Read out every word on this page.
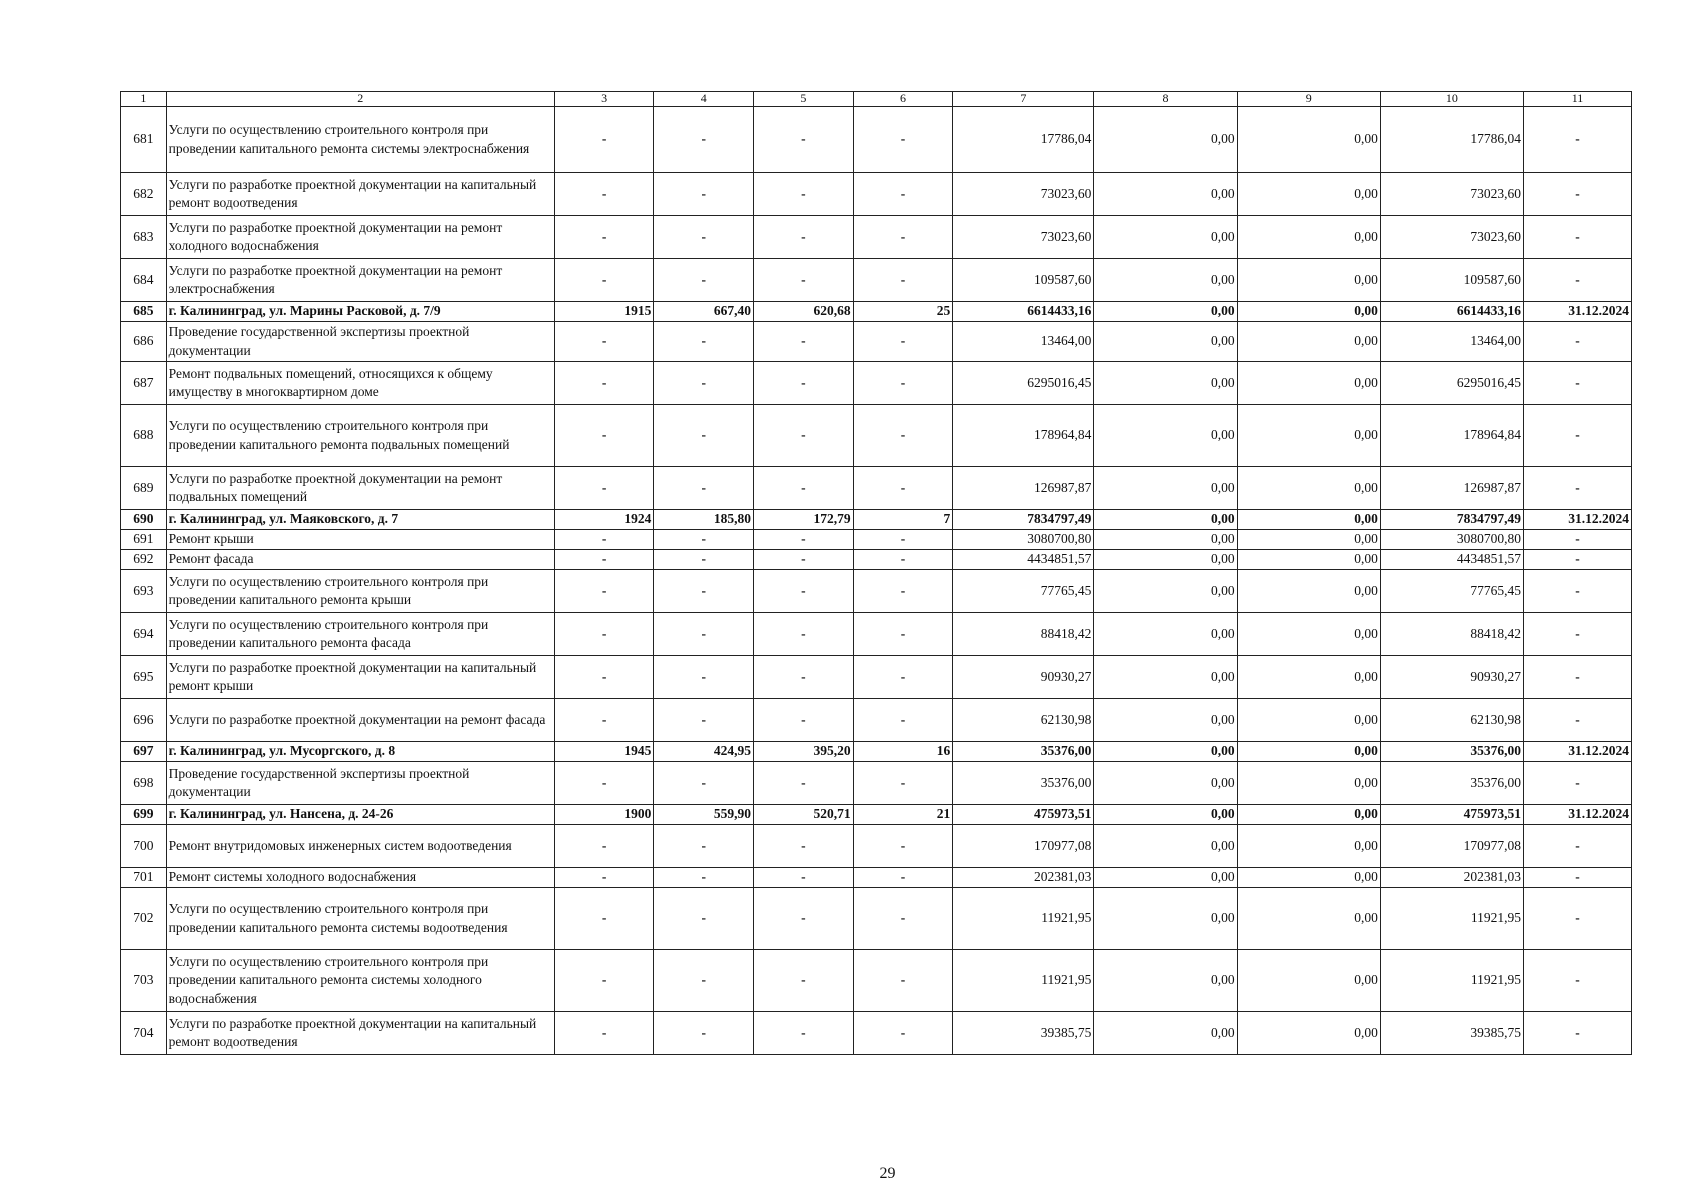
1	2	3	4	5	6	7	8	9	10	11
681	Услуги по осуществлению строительного контроля при проведении капитального ремонта системы электроснабжения	-	-	-	-	17786,04	0,00	0,00	17786,04	-
682	Услуги по разработке проектной документации на капитальный ремонт водоотведения	-	-	-	-	73023,60	0,00	0,00	73023,60	-
683	Услуги по разработке проектной документации на ремонт холодного водоснабжения	-	-	-	-	73023,60	0,00	0,00	73023,60	-
684	Услуги по разработке проектной документации на ремонт электроснабжения	-	-	-	-	109587,60	0,00	0,00	109587,60	-
685	г. Калининград, ул. Марины Расковой, д. 7/9	1915	667,40	620,68	25	6614433,16	0,00	0,00	6614433,16	31.12.2024
686	Проведение государственной экспертизы проектной документации	-	-	-	-	13464,00	0,00	0,00	13464,00	-
687	Ремонт подвальных помещений, относящихся к общему имуществу в многоквартирном доме	-	-	-	-	6295016,45	0,00	0,00	6295016,45	-
688	Услуги по осуществлению строительного контроля при проведении капитального ремонта подвальных помещений	-	-	-	-	178964,84	0,00	0,00	178964,84	-
689	Услуги по разработке проектной документации на ремонт подвальных помещений	-	-	-	-	126987,87	0,00	0,00	126987,87	-
690	г. Калининград, ул. Маяковского, д. 7	1924	185,80	172,79	7	7834797,49	0,00	0,00	7834797,49	31.12.2024
691	Ремонт крыши	-	-	-	-	3080700,80	0,00	0,00	3080700,80	-
692	Ремонт фасада	-	-	-	-	4434851,57	0,00	0,00	4434851,57	-
693	Услуги по осуществлению строительного контроля при проведении капитального ремонта крыши	-	-	-	-	77765,45	0,00	0,00	77765,45	-
694	Услуги по осуществлению строительного контроля при проведении капитального ремонта фасада	-	-	-	-	88418,42	0,00	0,00	88418,42	-
695	Услуги по разработке проектной документации на капитальный ремонт крыши	-	-	-	-	90930,27	0,00	0,00	90930,27	-
696	Услуги по разработке проектной документации на ремонт фасада	-	-	-	-	62130,98	0,00	0,00	62130,98	-
697	г. Калининград, ул. Мусоргского, д. 8	1945	424,95	395,20	16	35376,00	0,00	0,00	35376,00	31.12.2024
698	Проведение государственной экспертизы проектной документации	-	-	-	-	35376,00	0,00	0,00	35376,00	-
699	г. Калининград, ул. Нансена, д. 24-26	1900	559,90	520,71	21	475973,51	0,00	0,00	475973,51	31.12.2024
700	Ремонт внутридомовых инженерных систем водоотведения	-	-	-	-	170977,08	0,00	0,00	170977,08	-
701	Ремонт системы холодного водоснабжения	-	-	-	-	202381,03	0,00	0,00	202381,03	-
702	Услуги по осуществлению строительного контроля при проведении капитального ремонта системы водоотведения	-	-	-	-	11921,95	0,00	0,00	11921,95	-
703	Услуги по осуществлению строительного контроля при проведении капитального ремонта системы холодного водоснабжения	-	-	-	-	11921,95	0,00	0,00	11921,95	-
704	Услуги по разработке проектной документации на капитальный ремонт водоотведения	-	-	-	-	39385,75	0,00	0,00	39385,75	-
29
